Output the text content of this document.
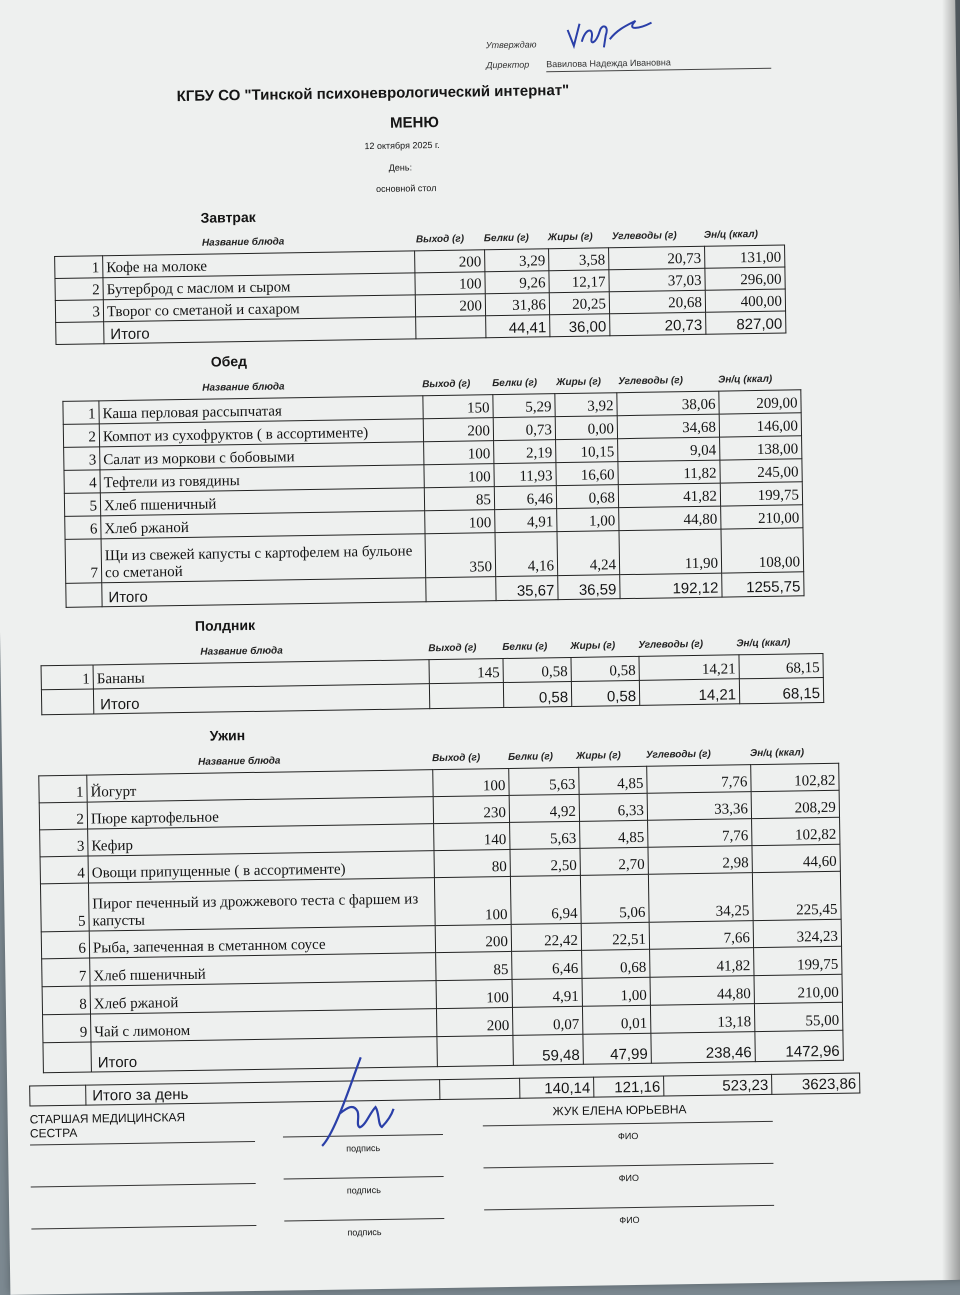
Утверждаю
Директор Вавилова Надежда Ивановна
КГБУ СО "Тинской психоневрологический интернат"
МЕНЮ
12 октября 2025 г.
День:
основной стол
Завтрак
Название блюда	Выход (г) Белки (г) Жиры (г) Углеводы (г)	Эн/ц (ккал)
1	Кофе на молоке	200	3,29	3,58	20,73	131,00
2	Бутерброд с маслом и сыром	100	9,26	12,17	37,03	296,00
3	Творог со сметаной и сахаром	200	31,86	20,25	20,68	400,00
	Итого		44,41	36,00	20,73	827,00
Обед
Название блюда	Выход (г) Белки (г) Жиры (г) Углеводы (г)	Эн/ц (ккал)
1	Каша перловая рассыпчатая	150	5,29	3,92	38,06	209,00
2	Компот из сухофруктов ( в ассортименте)	200	0,73	0,00	34,68	146,00
3	Салат из моркови с бобовыми	100	2,19	10,15	9,04	138,00
4	Тефтели из говядины	100	11,93	16,60	11,82	245,00
5	Хлеб пшеничный	85	6,46	0,68	41,82	199,75
6	Хлеб ржаной	100	4,91	1,00	44,80	210,00
7	Щи из свежей капусты с картофелем на бульоне со сметаной	350	4,16	4,24	11,90	108,00
	Итого		35,67	36,59	192,12	1255,75
Полдник
Название блюда	Выход (г)	Белки (г) Жиры (г) Углеводы (г)	Эн/ц (ккал)
1	Бананы	145	0,58	0,58	14,21	68,15
	Итого		0,58	0,58	14,21	68,15
Ужин
Название блюда	Выход (г)	Белки (г) Жиры (г)	Углеводы (г)	Эн/ц (ккал)
1	Йогурт	100	5,63	4,85	7,76	102,82
2	Пюре картофельное	230	4,92	6,33	33,36	208,29
3	Кефир	140	5,63	4,85	7,76	102,82
4	Овощи припущенные ( в ассортименте)	80	2,50	2,70	2,98	44,60
5	Пирог печенный из дрожжевого теста с фаршем из капусты	100	6,94	5,06	34,25	225,45
6	Рыба, запеченная в сметанном соусе	200	22,42	22,51	7,66	324,23
7	Хлеб пшеничный	85	6,46	0,68	41,82	199,75
8	Хлеб ржаной	100	4,91	1,00	44,80	210,00
9	Чай с лимоном	200	0,07	0,01	13,18	55,00
	Итого		59,48	47,99	238,46	1472,96
	Итого за день		140,14	121,16	523,23	3623,86
СТАРШАЯ МЕДИЦИНСКАЯ СЕСТРА
подпись
ЖУК ЕЛЕНА ЮРЬЕВНА
ФИО
подпись
ФИО
подпись
ФИО
